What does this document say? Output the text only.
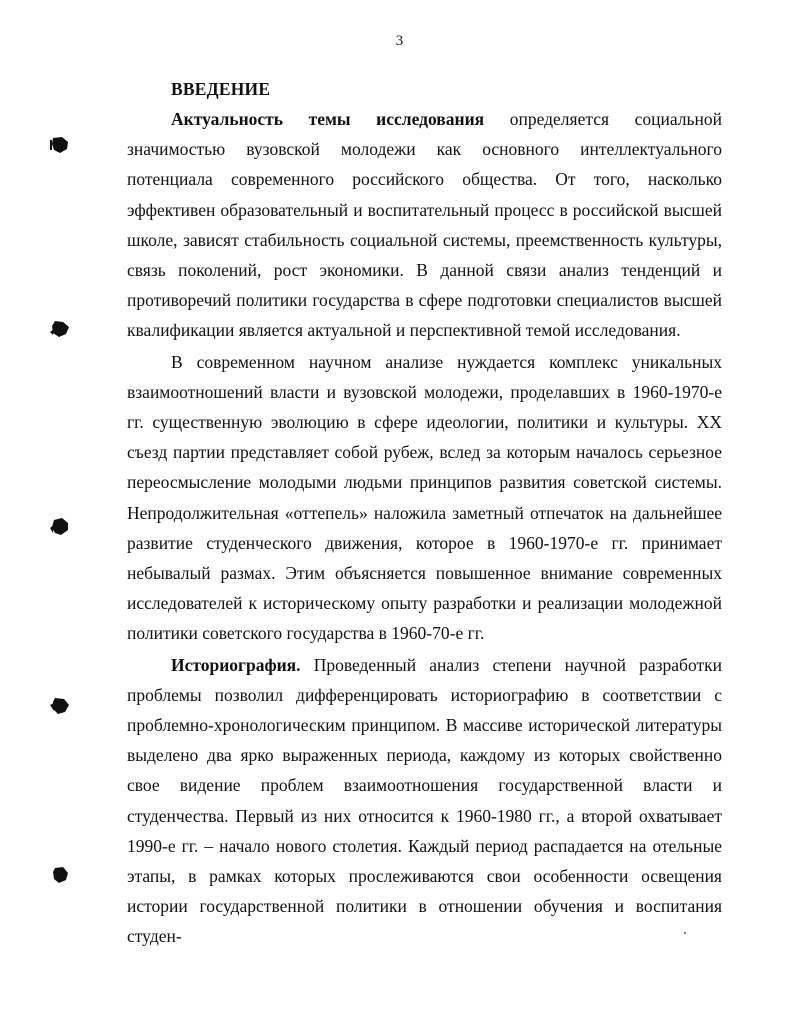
3
ВВЕДЕНИЕ

Актуальность темы исследования определяется социальной значимостью вузовской молодежи как основного интеллектуального потенциала современного российского общества. От того, насколько эффективен образовательный и воспитательный процесс в российской высшей школе, зависят стабильность социальной системы, преемственность культуры, связь поколений, рост экономики. В данной связи анализ тенденций и противоречий политики государства в сфере подготовки специалистов высшей квалификации является актуальной и перспективной темой исследования.

В современном научном анализе нуждается комплекс уникальных взаимоотношений власти и вузовской молодежи, проделавших в 1960-1970-е гг. существенную эволюцию в сфере идеологии, политики и культуры. XX съезд партии представляет собой рубеж, вслед за которым началось серьезное переосмысление молодыми людьми принципов развития советской системы. Непродолжительная «оттепель» наложила заметный отпечаток на дальнейшее развитие студенческого движения, которое в 1960-1970-е гг. принимает небывалый размах. Этим объясняется повышенное внимание современных исследователей к историческому опыту разработки и реализации молодежной политики советского государства в 1960-70-е гг.

Историография. Проведенный анализ степени научной разработки проблемы позволил дифференцировать историографию в соответствии с проблемно-хронологическим принципом. В массиве исторической литературы выделено два ярко выраженных периода, каждому из которых свойственно свое видение проблем взаимоотношения государственной власти и студенчества. Первый из них относится к 1960-1980 гг., а второй охватывает 1990-е гг. – начало нового столетия. Каждый период распадается на отельные этапы, в рамках которых прослеживаются свои особенности освещения истории государственной политики в отношении обучения и воспитания студен-
